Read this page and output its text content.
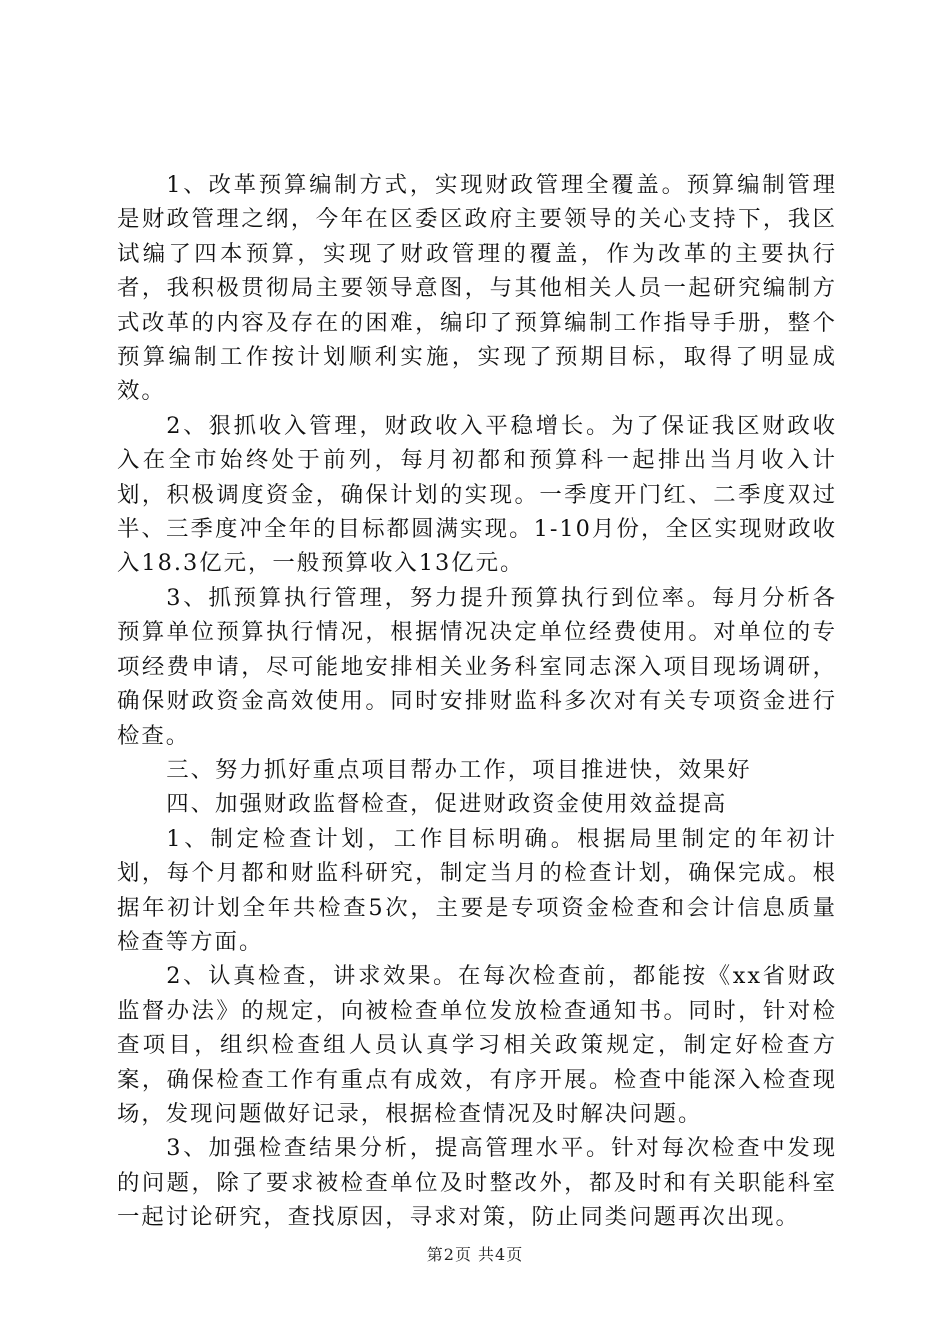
1、改革预算编制方式，实现财政管理全覆盖。预算编制管理是财政管理之纲，今年在区委区政府主要领导的关心支持下，我区试编了四本预算，实现了财政管理的覆盖，作为改革的主要执行者，我积极贯彻局主要领导意图，与其他相关人员一起研究编制方式改革的内容及存在的困难，编印了预算编制工作指导手册，整个预算编制工作按计划顺利实施，实现了预期目标，取得了明显成效。

2、狠抓收入管理，财政收入平稳增长。为了保证我区财政收入在全市始终处于前列，每月初都和预算科一起排出当月收入计划，积极调度资金，确保计划的实现。一季度开门红、二季度双过半、三季度冲全年的目标都圆满实现。1-10月份，全区实现财政收入18.3亿元，一般预算收入13亿元。

3、抓预算执行管理，努力提升预算执行到位率。每月分析各预算单位预算执行情况，根据情况决定单位经费使用。对单位的专项经费申请，尽可能地安排相关业务科室同志深入项目现场调研，确保财政资金高效使用。同时安排财监科多次对有关专项资金进行检查。

三、努力抓好重点项目帮办工作，项目推进快，效果好

四、加强财政监督检查，促进财政资金使用效益提高

1、制定检查计划，工作目标明确。根据局里制定的年初计划，每个月都和财监科研究，制定当月的检查计划，确保完成。根据年初计划全年共检查5次，主要是专项资金检查和会计信息质量检查等方面。

2、认真检查，讲求效果。在每次检查前，都能按《xx省财政监督办法》的规定，向被检查单位发放检查通知书。同时，针对检查项目，组织检查组人员认真学习相关政策规定，制定好检查方案，确保检查工作有重点有成效，有序开展。检查中能深入检查现场，发现问题做好记录，根据检查情况及时解决问题。

3、加强检查结果分析，提高管理水平。针对每次检查中发现的问题，除了要求被检查单位及时整改外，都及时和有关职能科室一起讨论研究，查找原因，寻求对策，防止同类问题再次出现。

第2页 共4页
